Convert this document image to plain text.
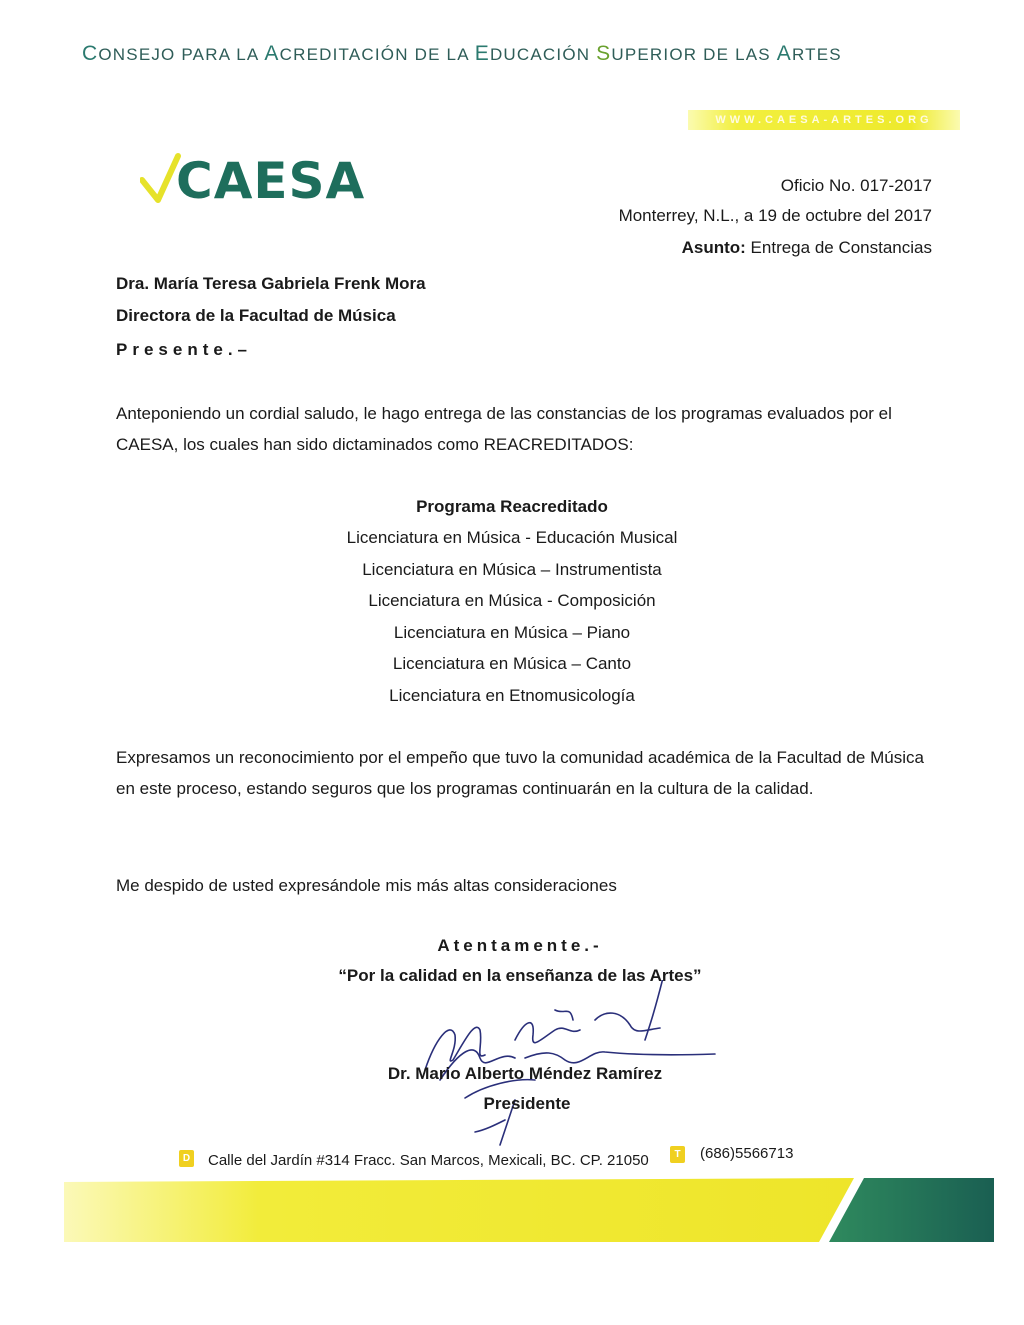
CONSEJO PARA LA ACREDITACIÓN DE LA EDUCACIÓN SUPERIOR DE LAS ARTES
WWW.CAESA-ARTES.ORG
CAESA	Oficio No. 017-2017
Monterrey, N.L., a 19 de octubre del 2017
Asunto: Entrega de Constancias
Dra. María Teresa Gabriela Frenk Mora
Directora de la Facultad de Música
Presente.–
Anteponiendo un cordial saludo, le hago entrega de las constancias de los programas evaluados por el CAESA, los cuales han sido dictaminados como REACREDITADOS:
Programa Reacreditado
Licenciatura en Música - Educación Musical
Licenciatura en Música – Instrumentista
Licenciatura en Música - Composición
Licenciatura en Música – Piano
Licenciatura en Música – Canto
Licenciatura en Etnomusicología
Expresamos un reconocimiento por el empeño que tuvo la comunidad académica de la Facultad de Música en este proceso, estando seguros que los programas continuarán en la cultura de la calidad.
Me despido de usted expresándole mis más altas consideraciones
Atentamente.-
“Por la calidad en la enseñanza de las Artes”
Dr. Mario Alberto Méndez Ramírez
Presidente
D Calle del Jardín #314 Fracc. San Marcos, Mexicali, BC. CP. 21050	T (686)5566713
